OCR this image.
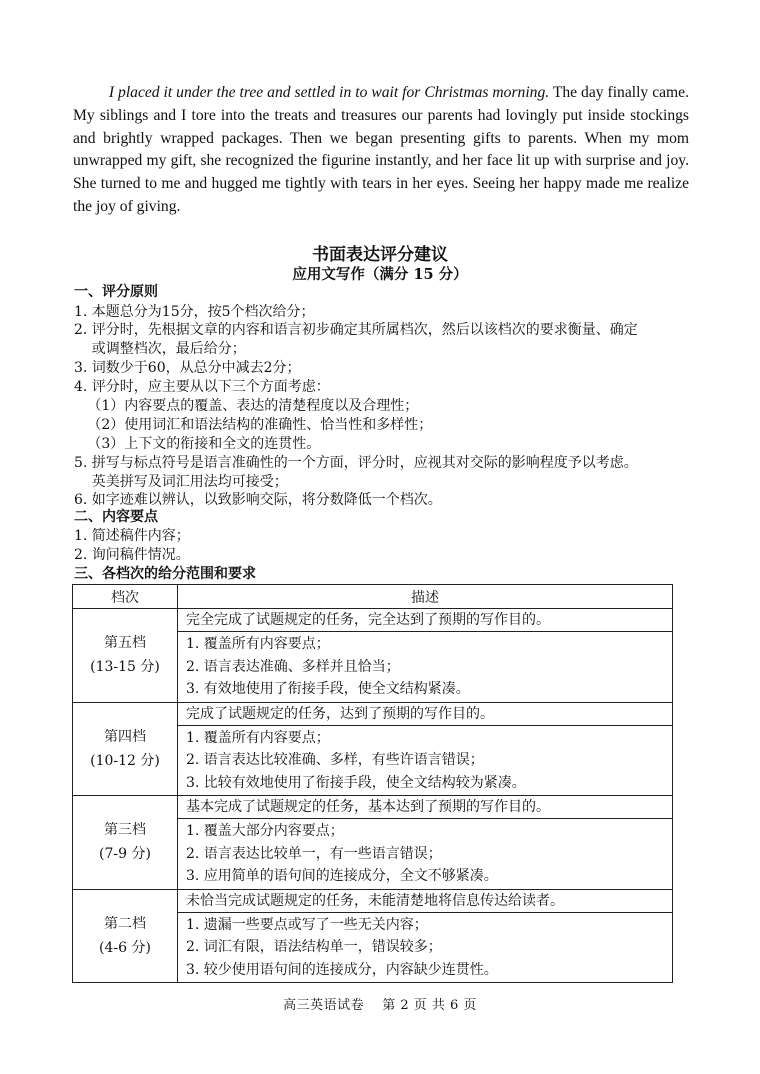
I placed it under the tree and settled in to wait for Christmas morning. The day finally came. My siblings and I tore into the treats and treasures our parents had lovingly put inside stockings and brightly wrapped packages. Then we began presenting gifts to parents. When my mom unwrapped my gift, she recognized the figurine instantly, and her face lit up with surprise and joy. She turned to me and hugged me tightly with tears in her eyes. Seeing her happy made me realize the joy of giving.

书面表达评分建议
应用文写作（满分 15 分）
一、评分原则
1. 本题总分为15分，按5个档次给分；
2. 评分时，先根据文章的内容和语言初步确定其所属档次，然后以该档次的要求衡量、确定
或调整档次，最后给分；
3. 词数少于60，从总分中减去2分；
4. 评分时，应主要从以下三个方面考虑：
（1）内容要点的覆盖、表达的清楚程度以及合理性；
（2）使用词汇和语法结构的准确性、恰当性和多样性；
（3）上下文的衔接和全文的连贯性。
5. 拼写与标点符号是语言准确性的一个方面，评分时，应视其对交际的影响程度予以考虑。
英美拼写及词汇用法均可接受；
6. 如字迹难以辨认，以致影响交际，将分数降低一个档次。
二、内容要点
1. 简述稿件内容；
2. 询问稿件情况。
三、各档次的给分范围和要求
档次	描述

第五档
(13-15 分)	完全完成了试题规定的任务，完全达到了预期的写作目的。

	1. 覆盖所有内容要点；
2. 语言表达准确、多样并且恰当；
3. 有效地使用了衔接手段，使全文结构紧凑。

第四档
(10-12 分)	完成了试题规定的任务，达到了预期的写作目的。

	1. 覆盖所有内容要点；
2. 语言表达比较准确、多样，有些许语言错误；
3. 比较有效地使用了衔接手段，使全文结构较为紧凑。

第三档
(7-9 分)	基本完成了试题规定的任务，基本达到了预期的写作目的。

	1. 覆盖大部分内容要点；
2. 语言表达比较单一，有一些语言错误；
3. 应用简单的语句间的连接成分，全文不够紧凑。

第二档
(4-6 分)	未恰当完成试题规定的任务，未能清楚地将信息传达给读者。

	1. 遗漏一些要点或写了一些无关内容；
2. 词汇有限，语法结构单一，错误较多；
3. 较少使用语句间的连接成分，内容缺少连贯性。
高三英语试卷　 第 2 页 共 6 页
